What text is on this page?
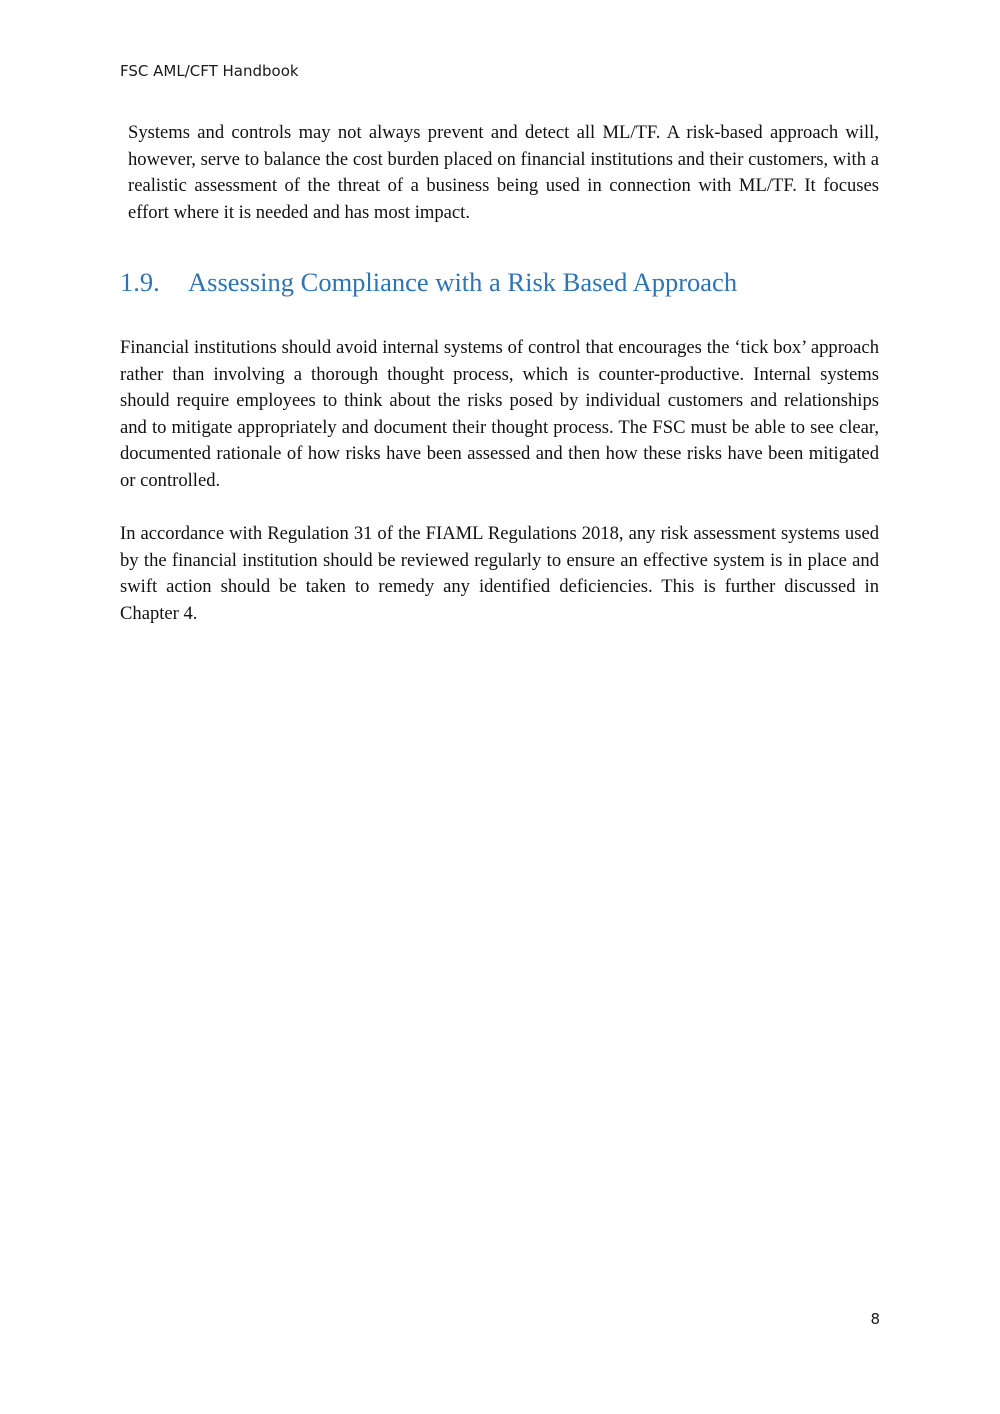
FSC AML/CFT Handbook

Systems and controls may not always prevent and detect all ML/TF. A risk-based approach will, however, serve to balance the cost burden placed on financial institutions and their customers, with a realistic assessment of the threat of a business being used in connection with ML/TF. It focuses effort where it is needed and has most impact.

1.9. Assessing Compliance with a Risk Based Approach

Financial institutions should avoid internal systems of control that encourages the ‘tick box’ approach rather than involving a thorough thought process, which is counter-productive. Internal systems should require employees to think about the risks posed by individual customers and relationships and to mitigate appropriately and document their thought process. The FSC must be able to see clear, documented rationale of how risks have been assessed and then how these risks have been mitigated or controlled.

In accordance with Regulation 31 of the FIAML Regulations 2018, any risk assessment systems used by the financial institution should be reviewed regularly to ensure an effective system is in place and swift action should be taken to remedy any identified deficiencies. This is further discussed in Chapter 4.

8
